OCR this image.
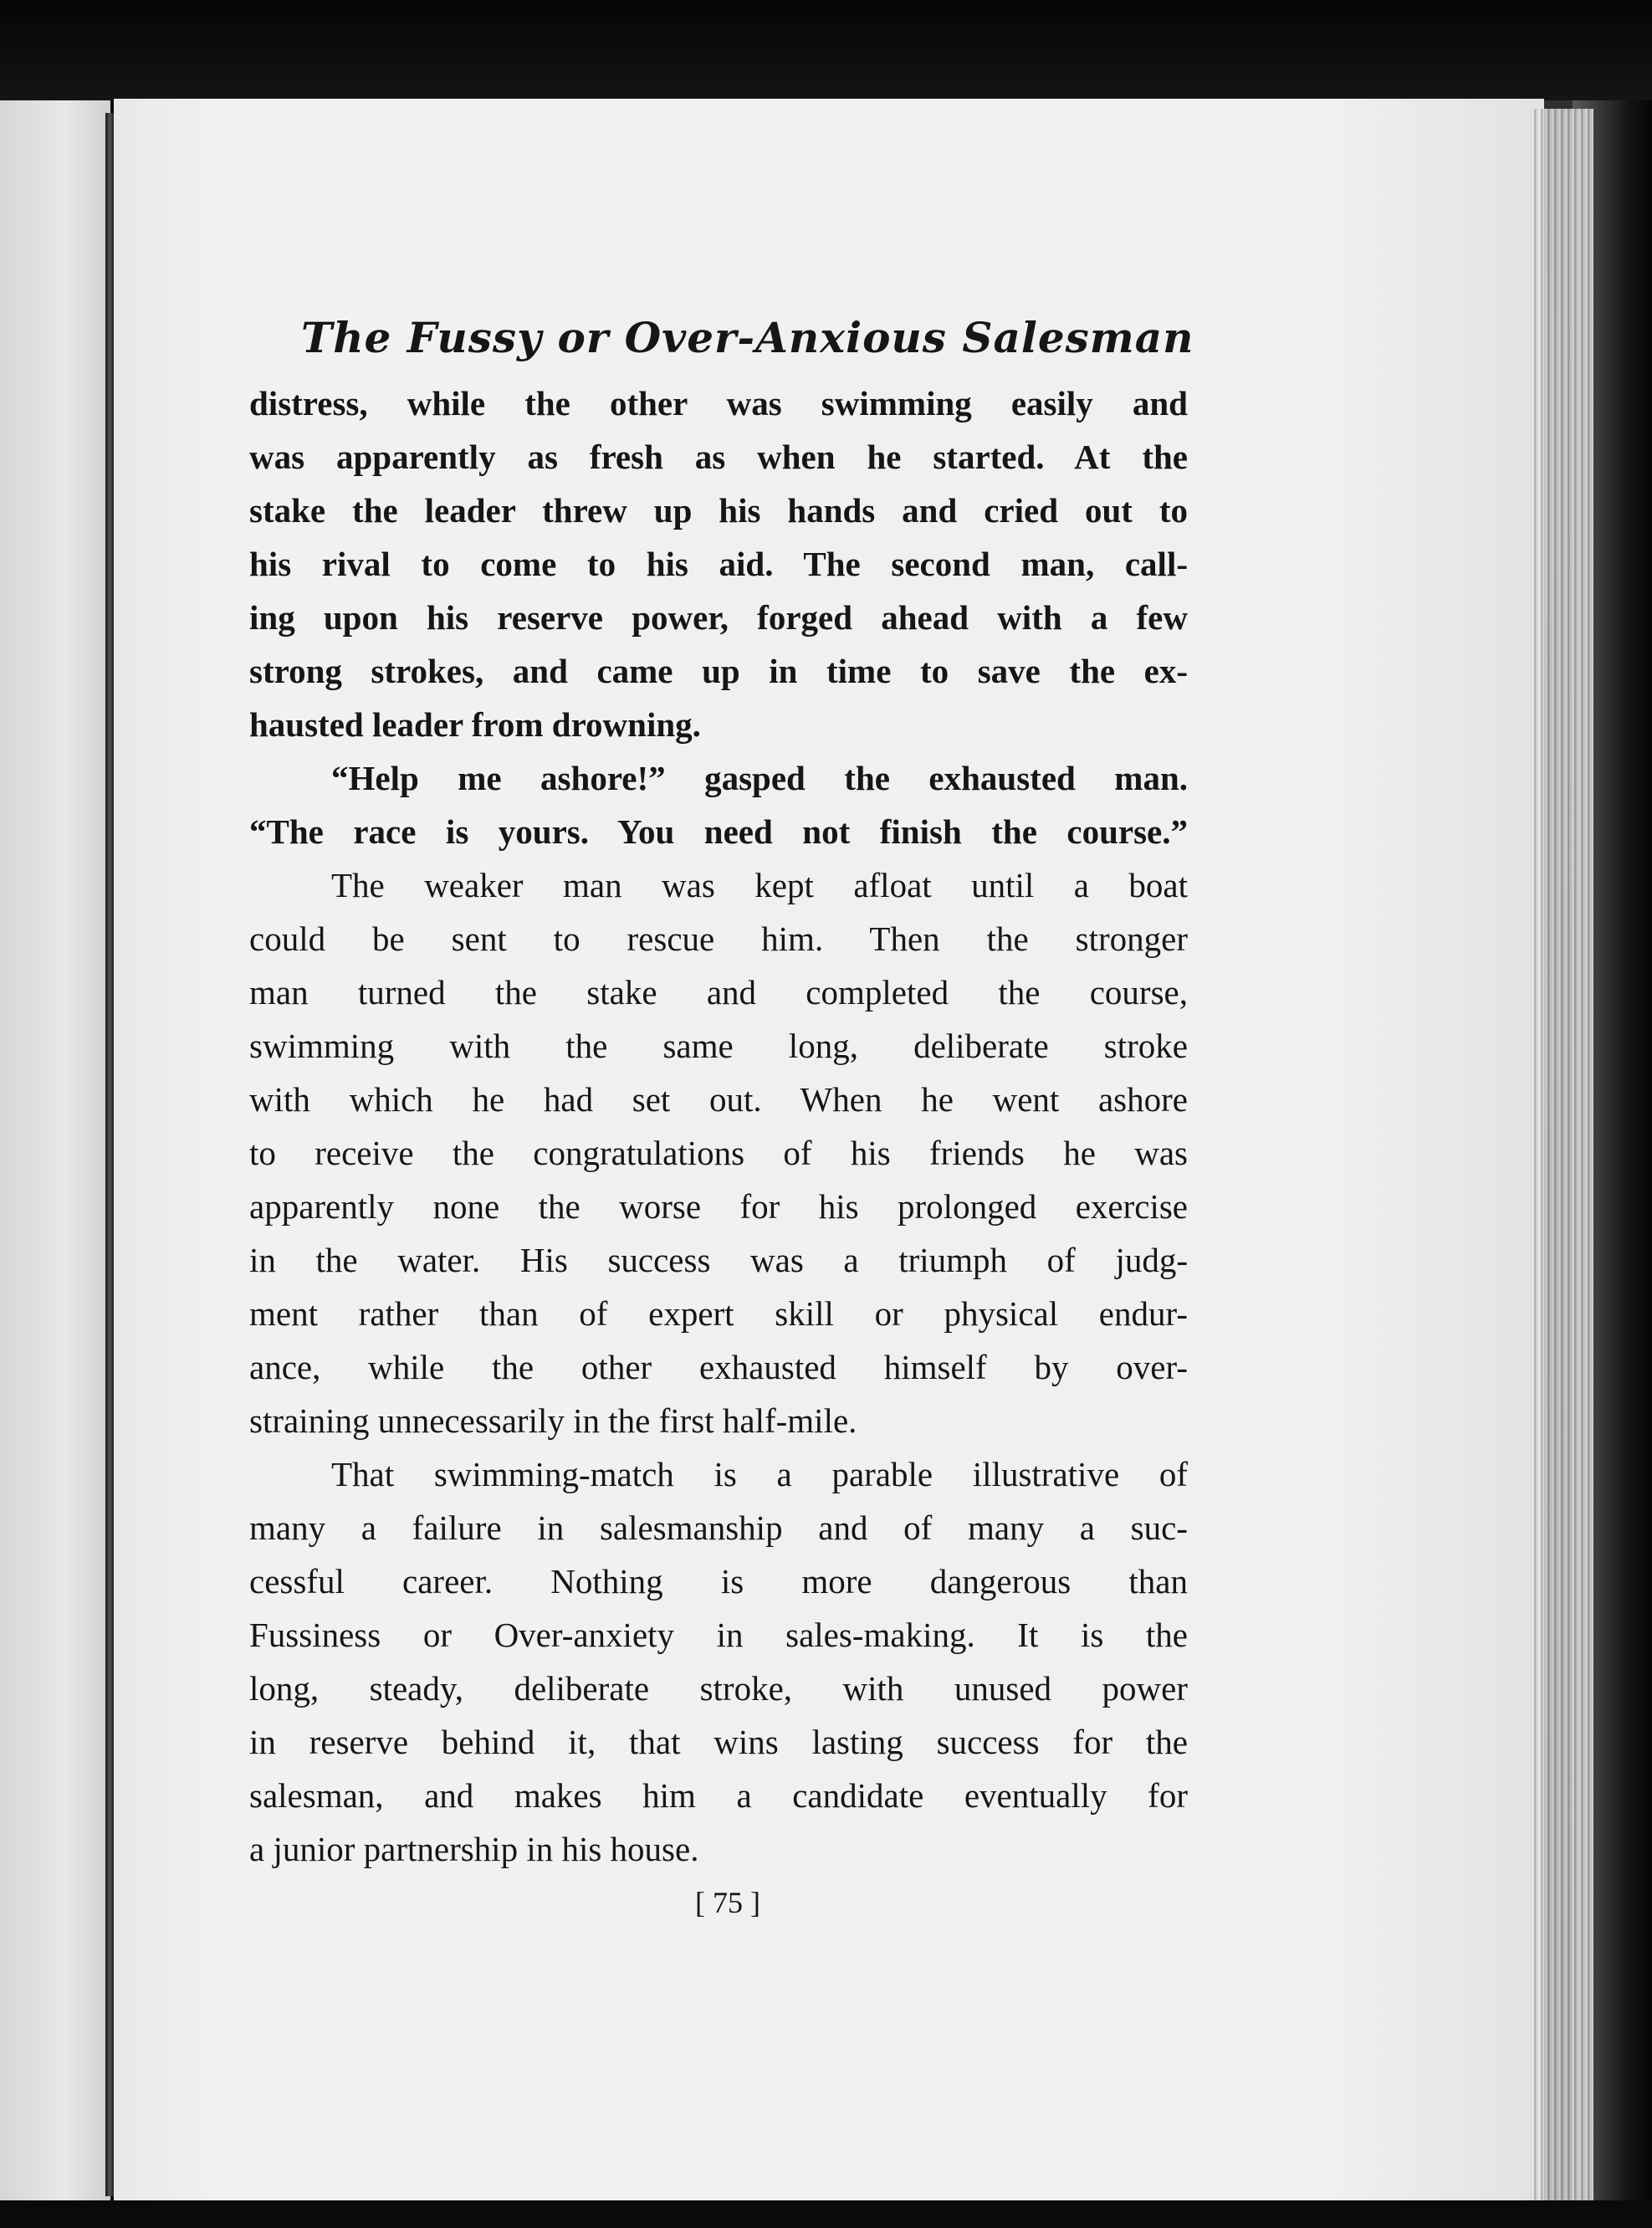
The Fussy or Over-Anxious Salesman
distress, while the other was swimming easily and
was apparently as fresh as when he started. At the
stake the leader threw up his hands and cried out to
his rival to come to his aid. The second man, call-
ing upon his reserve power, forged ahead with a few
strong strokes, and came up in time to save the ex-
hausted leader from drowning.
“Help me ashore!” gasped the exhausted man.
“The race is yours. You need not finish the course.”
The weaker man was kept afloat until a boat
could be sent to rescue him. Then the stronger
man turned the stake and completed the course,
swimming with the same long, deliberate stroke
with which he had set out. When he went ashore
to receive the congratulations of his friends he was
apparently none the worse for his prolonged exercise
in the water. His success was a triumph of judg-
ment rather than of expert skill or physical endur-
ance, while the other exhausted himself by over-
straining unnecessarily in the first half-mile.
That swimming-match is a parable illustrative of
many a failure in salesmanship and of many a suc-
cessful career. Nothing is more dangerous than
Fussiness or Over-anxiety in sales-making. It is the
long, steady, deliberate stroke, with unused power
in reserve behind it, that wins lasting success for the
salesman, and makes him a candidate eventually for
a junior partnership in his house.
[ 75 ]
